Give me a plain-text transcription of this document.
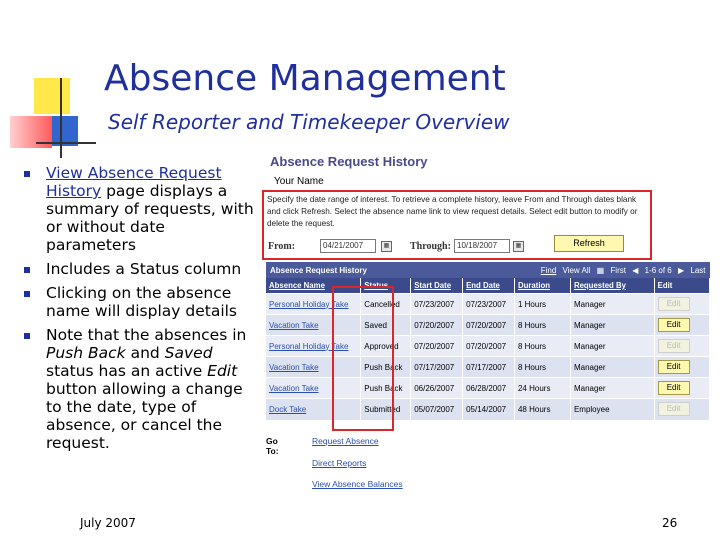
Absence Management
Self Reporter and Timekeeper Overview
View Absence Request History page displays a summary of requests, with or without date parameters
Includes a Status column
Clicking on the absence name will display details
Note that the absences in Push Back and Saved status has an active Edit button allowing a change to the date, type of absence, or cancel the request.
July 2007	26
Absence Request History
Your Name
Specify the date range of interest. To retrieve a complete history, leave From and Through dates blank and click Refresh. Select the absence name link to view request details. Select edit button to modify or delete the request.
From:	04/21/2007	▦ Through: 10/18/2007	▦	Refresh
Absence Request History				Find View All ▦ First ◀ 1-6 of 6 ▶ Last		
Absence Name	Status	Start Date	End Date	Duration	Requested By	Edit
Personal Holiday Take	Cancelled	07/23/2007	07/23/2007	1 Hours	Manager	Edit
Vacation Take	Saved	07/20/2007	07/20/2007	8 Hours	Manager	Edit
Personal Holiday Take	Approved	07/20/2007	07/20/2007	8 Hours	Manager	Edit
Vacation Take	Push Back	07/17/2007	07/17/2007	8 Hours	Manager	Edit
Vacation Take	Push Back	06/26/2007	06/28/2007	24 Hours	Manager	Edit
Dock Take	Submitted	05/07/2007	05/14/2007	48 Hours	Employee	Edit
Go To:
Request Absence
Direct Reports
View Absence Balances
